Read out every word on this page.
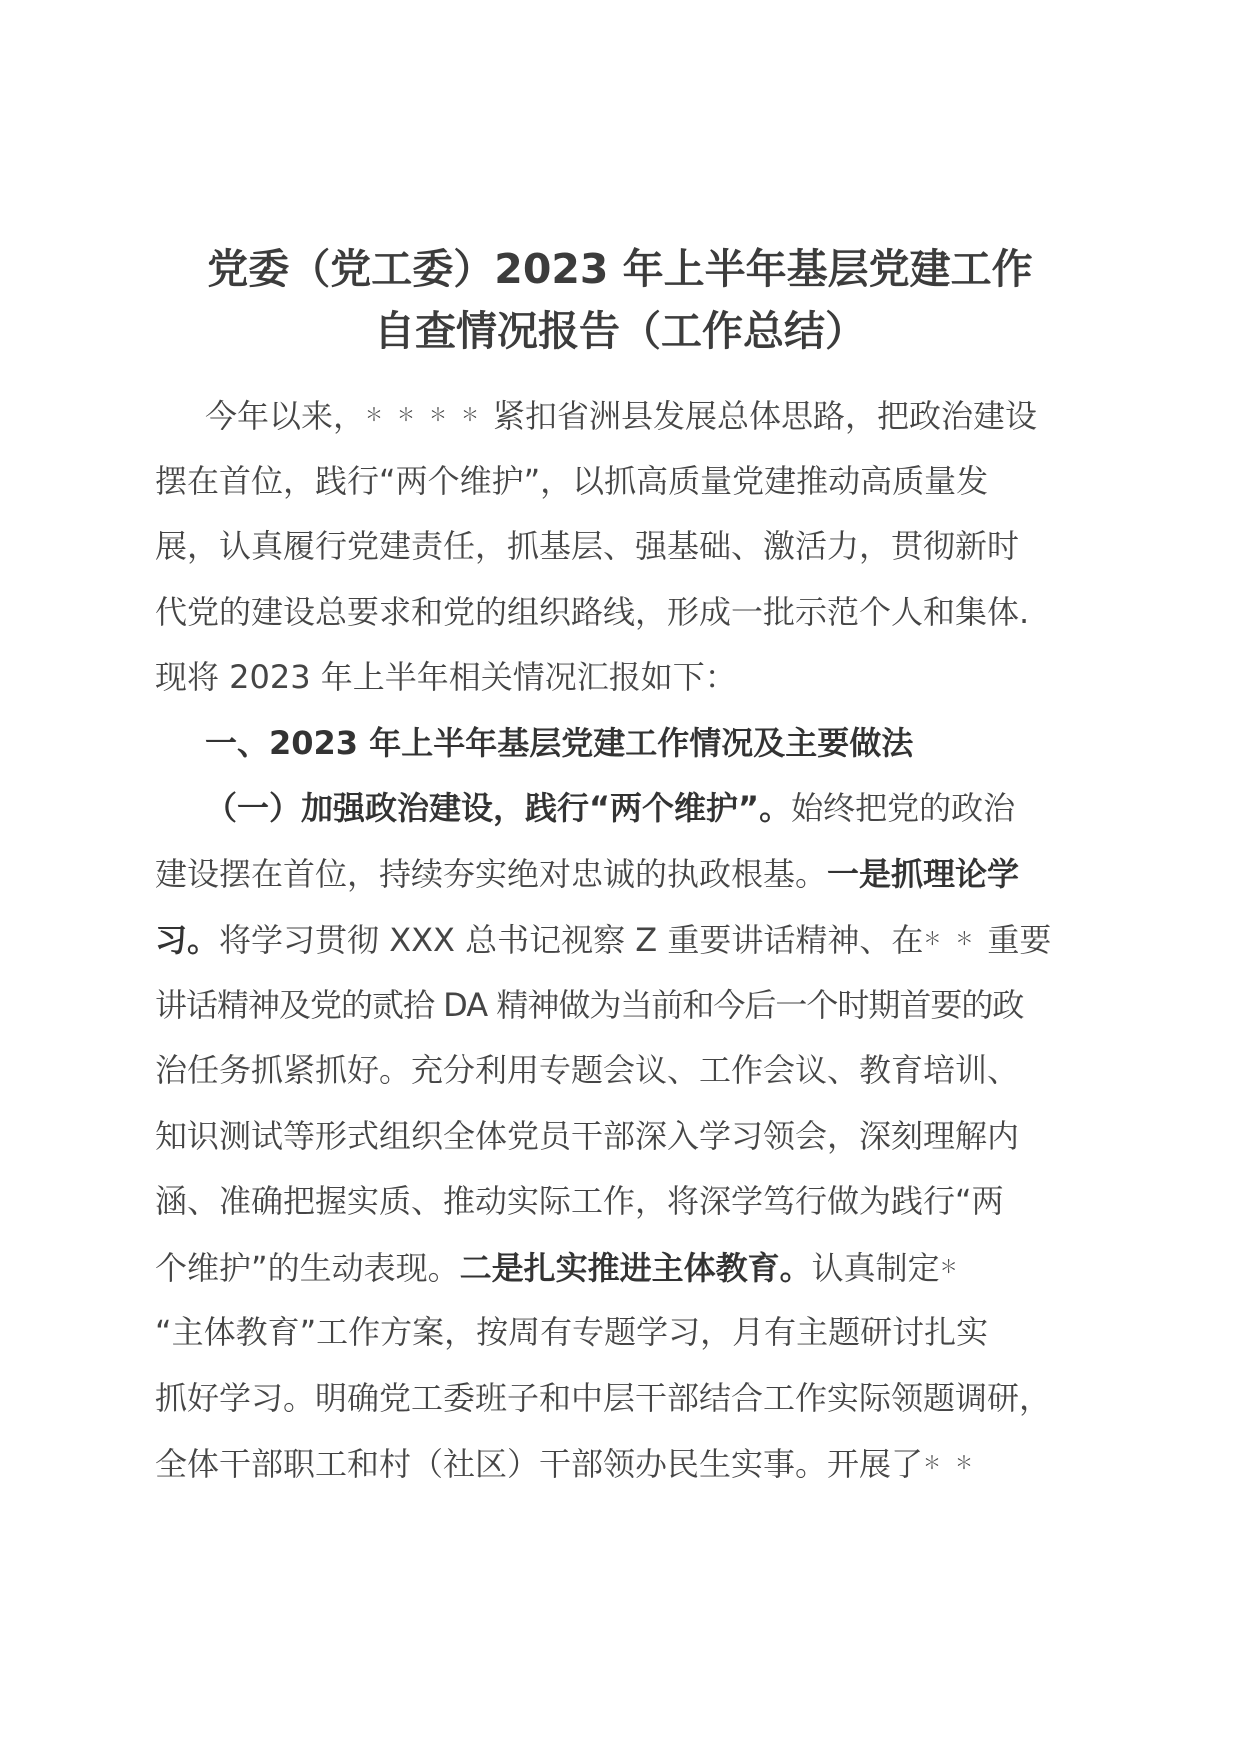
党委（党工委）2023 年上半年基层党建工作
自查情况报告（工作总结）
今年以来，＊＊＊＊紧扣省洲县发展总体思路，把政治建设
摆在首位，践行“两个维护”，以抓高质量党建推动高质量发
展，认真履行党建责任，抓基层、强基础、激活力，贯彻新时
代党的建设总要求和党的组织路线，形成一批示范个人和集体.
现将 2023 年上半年相关情况汇报如下：
一、2023 年上半年基层党建工作情况及主要做法
（一）加强政治建设，践行“两个维护”。始终把党的政治
建设摆在首位，持续夯实绝对忠诚的执政根基。一是抓理论学
习。将学习贯彻 XXX 总书记视察 Z 重要讲话精神、在＊＊重要
讲话精神及党的贰拾 DA 精神做为当前和今后一个时期首要的政
治任务抓紧抓好。充分利用专题会议、工作会议、教育培训、
知识测试等形式组织全体党员干部深入学习领会，深刻理解内
涵、准确把握实质、推动实际工作，将深学笃行做为践行“两
个维护”的生动表现。二是扎实推进主体教育。认真制定＊
“主体教育”工作方案，按周有专题学习，月有主题研讨扎实
抓好学习。明确党工委班子和中层干部结合工作实际领题调研，
全体干部职工和村（社区）干部领办民生实事。开展了＊＊
